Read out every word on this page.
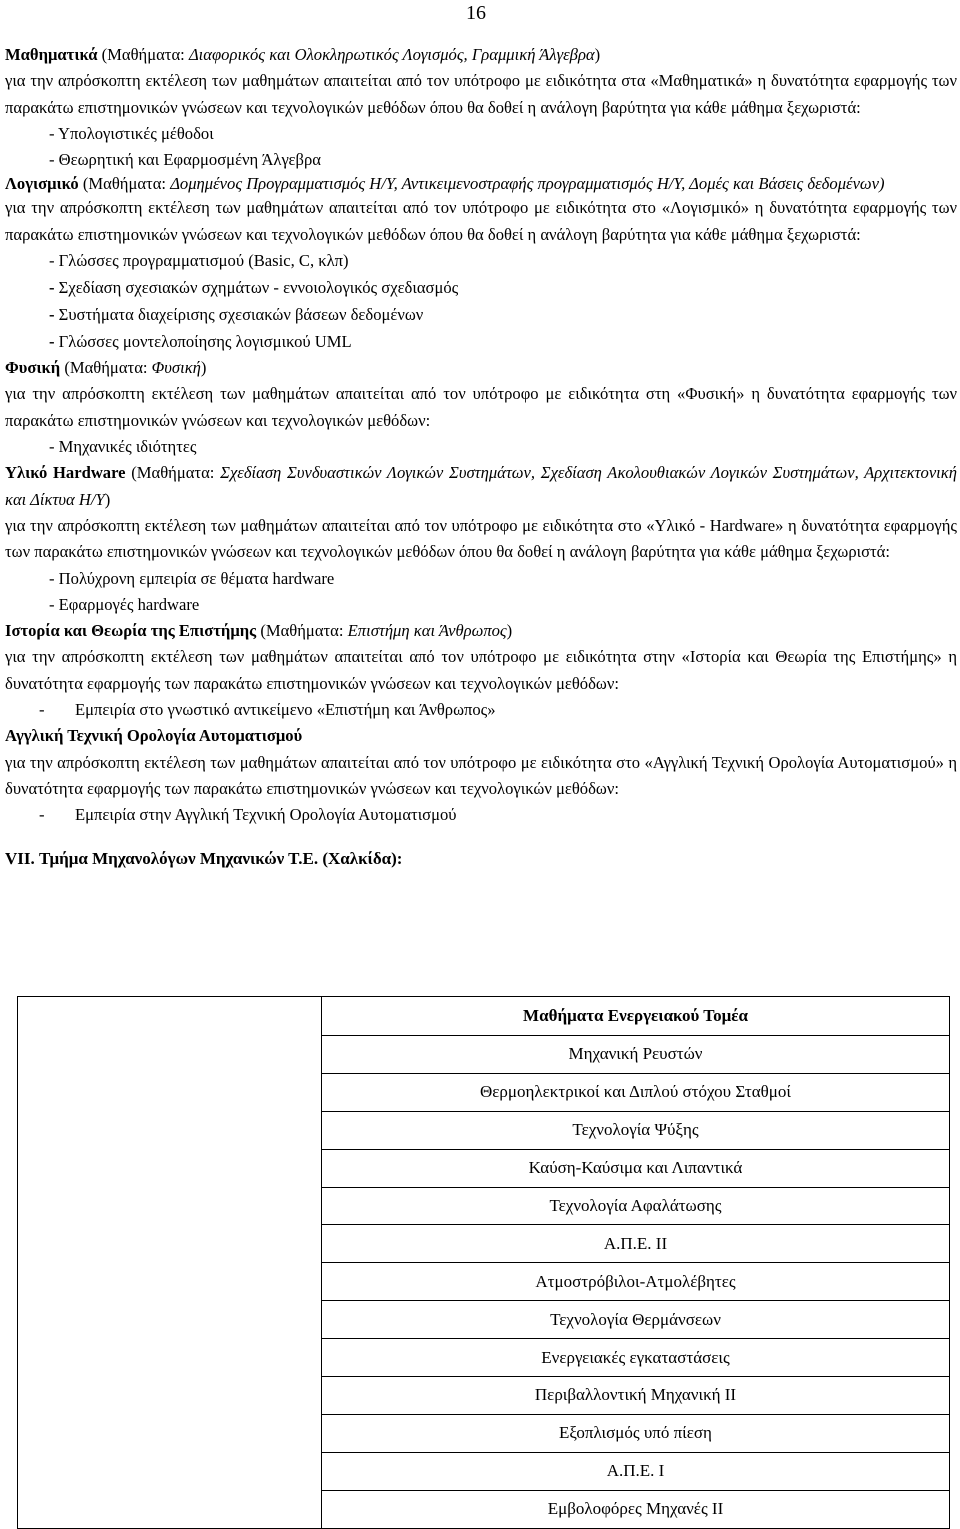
16

Μαθηματικά (Μαθήματα: Διαφορικός και Ολοκληρωτικός Λογισμός, Γραμμική Άλγεβρα)

για την απρόσκοπτη εκτέλεση των μαθημάτων απαιτείται από τον υπότροφο με ειδικότητα στα «Μαθηματικά» η δυνατότητα εφαρμογής των παρακάτω επιστημονικών γνώσεων και τεχνολογικών μεθόδων όπου θα δοθεί η ανάλογη βαρύτητα για κάθε μάθημα ξεχωριστά:

- Υπολογιστικές μέθοδοι

- Θεωρητική και Εφαρμοσμένη Άλγεβρα

Λογισμικό (Μαθήματα: Δομημένος Προγραμματισμός Η/Υ, Αντικειμενοστραφής προγραμματισμός Η/Υ, Δομές και Βάσεις δεδομένων)

για την απρόσκοπτη εκτέλεση των μαθημάτων απαιτείται από τον υπότροφο με ειδικότητα στο «Λογισμικό» η δυνατότητα εφαρμογής των παρακάτω επιστημονικών γνώσεων και τεχνολογικών μεθόδων όπου θα δοθεί η ανάλογη βαρύτητα για κάθε μάθημα ξεχωριστά:

- Γλώσσες προγραμματισμού (Basic, C, κλπ)

- Σχεδίαση σχεσιακών σχημάτων - εννοιολογικός σχεδιασμός

- Συστήματα διαχείρισης σχεσιακών βάσεων δεδομένων

- Γλώσσες μοντελοποίησης λογισμικού UML

Φυσική (Μαθήματα: Φυσική)

για την απρόσκοπτη εκτέλεση των μαθημάτων απαιτείται από τον υπότροφο με ειδικότητα στη «Φυσική» η δυνατότητα εφαρμογής των παρακάτω επιστημονικών γνώσεων και τεχνολογικών μεθόδων:

- Μηχανικές ιδιότητες

Υλικό Hardware (Μαθήματα: Σχεδίαση Συνδυαστικών Λογικών Συστημάτων, Σχεδίαση Ακολουθιακών Λογικών Συστημάτων, Αρχιτεκτονική και Δίκτυα Η/Υ)

για την απρόσκοπτη εκτέλεση των μαθημάτων απαιτείται από τον υπότροφο με ειδικότητα στο «Υλικό - Hardware» η δυνατότητα εφαρμογής των παρακάτω επιστημονικών γνώσεων και τεχνολογικών μεθόδων όπου θα δοθεί η ανάλογη βαρύτητα για κάθε μάθημα ξεχωριστά:

- Πολύχρονη εμπειρία σε θέματα hardware

- Εφαρμογές hardware

Ιστορία και Θεωρία της Επιστήμης (Μαθήματα: Επιστήμη και Άνθρωπος)

για την απρόσκοπτη εκτέλεση των μαθημάτων απαιτείται από τον υπότροφο με ειδικότητα στην «Ιστορία και Θεωρία της Επιστήμης» η δυνατότητα εφαρμογής των παρακάτω επιστημονικών γνώσεων και τεχνολογικών μεθόδων:

- Εμπειρία στο γνωστικό αντικείμενο «Επιστήμη και Άνθρωπος»

Αγγλική Τεχνική Ορολογία Αυτοματισμού

για την απρόσκοπτη εκτέλεση των μαθημάτων απαιτείται από τον υπότροφο με ειδικότητα στο «Αγγλική Τεχνική Ορολογία Αυτοματισμού» η δυνατότητα εφαρμογής των παρακάτω επιστημονικών γνώσεων και τεχνολογικών μεθόδων:

- Εμπειρία στην Αγγλική Τεχνική Ορολογία Αυτοματισμού

VII. Τμήμα Μηχανολόγων Μηχανικών Τ.Ε. (Χαλκίδα):

	Μαθήματα Ενεργειακού Τομέα
Μηχανική Ρευστών
Θερμοηλεκτρικοί και Διπλού στόχου Σταθμοί
Τεχνολογία Ψύξης
Καύση-Καύσιμα και Λιπαντικά
Τεχνολογία Αφαλάτωσης
Α.Π.Ε. ΙΙ
Ατμοστρόβιλοι-Ατμολέβητες
Τεχνολογία Θερμάνσεων
Ενεργειακές εγκαταστάσεις
Περιβαλλοντική Μηχανική ΙΙ
Εξοπλισμός υπό πίεση
Α.Π.Ε. Ι
Εμβολοφόρες Μηχανές ΙΙ
